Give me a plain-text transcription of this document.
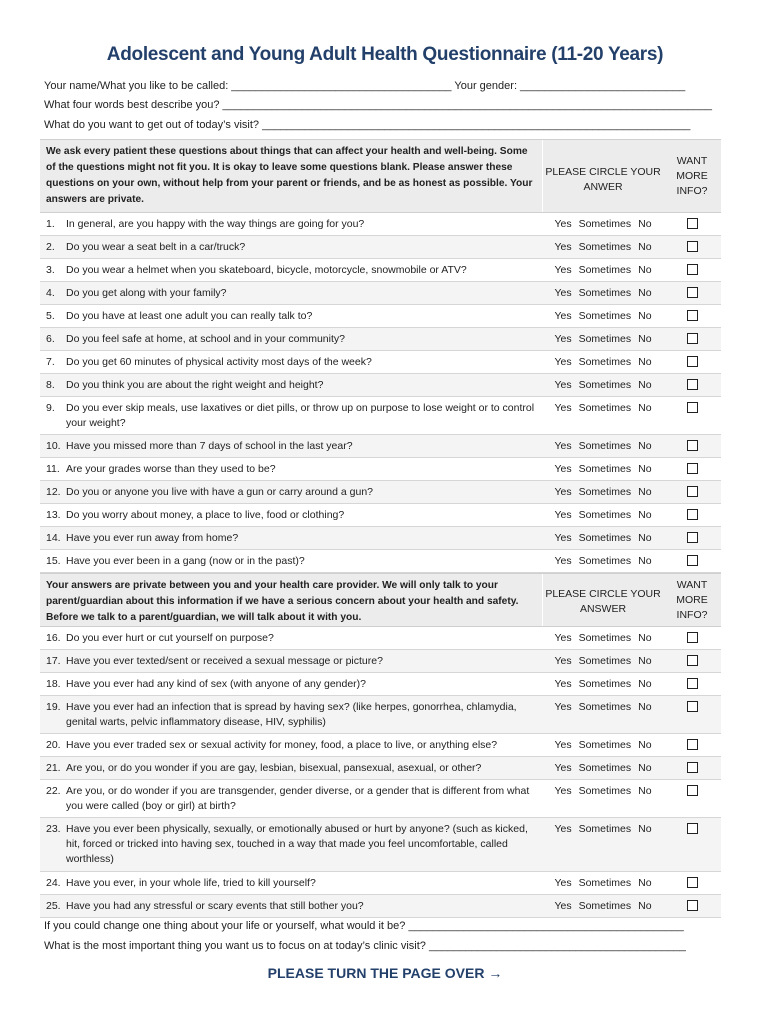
Adolescent and Young Adult Health Questionnaire (11-20 Years)
Your name/What you like to be called: ____________________________________ Your gender: ___________________________
What four words best describe you? ________________________________________________________________________________
What do you want to get out of today’s visit? ______________________________________________________________________
We ask every patient these questions about things that can affect your health and well-being. Some of the questions might not fit you. It is okay to leave some questions blank. Please answer these questions on your own, without help from your parent or friends, and be as honest as possible. Your answers are private.
PLEASE CIRCLE YOUR ANWER
WANT MORE INFO?
1.	In general, are you happy with the way things are going for you?	Yes Sometimes No
2.	Do you wear a seat belt in a car/truck?	Yes Sometimes No
3.	Do you wear a helmet when you skateboard, bicycle, motorcycle, snowmobile or ATV?	Yes Sometimes No
4.	Do you get along with your family?	Yes Sometimes No
5.	Do you have at least one adult you can really talk to?	Yes Sometimes No
6.	Do you feel safe at home, at school and in your community?	Yes Sometimes No
7.	Do you get 60 minutes of physical activity most days of the week?	Yes Sometimes No
8.	Do you think you are about the right weight and height?	Yes Sometimes No
9.	Do you ever skip meals, use laxatives or diet pills, or throw up on purpose to lose weight or to control your weight?
Yes Sometimes No
10. Have you missed more than 7 days of school in the last year?	Yes Sometimes No
11. Are your grades worse than they used to be?	Yes Sometimes No
12. Do you or anyone you live with have a gun or carry around a gun?	Yes Sometimes No
13. Do you worry about money, a place to live, food or clothing?	Yes Sometimes No
14. Have you ever run away from home?	Yes Sometimes No
15. Have you ever been in a gang (now or in the past)?	Yes Sometimes No
Your answers are private between you and your health care provider. We will only talk to your parent/guardian about this information if we have a serious concern about your health and safety. Before we talk to a parent/guardian, we will talk about it with you.
PLEASE CIRCLE YOUR ANSWER
WANT MORE INFO?
16. Do you ever hurt or cut yourself on purpose?	Yes Sometimes No
17. Have you ever texted/sent or received a sexual message or picture?	Yes Sometimes No
18. Have you ever had any kind of sex (with anyone of any gender)?	Yes Sometimes No
19. Have you ever had an infection that is spread by having sex? (like herpes, gonorrhea, chlamydia, genital warts, pelvic inflammatory disease, HIV, syphilis)
Yes Sometimes No
20. Have you ever traded sex or sexual activity for money, food, a place to live, or anything else?	Yes Sometimes No
21. Are you, or do you wonder if you are gay, lesbian, bisexual, pansexual, asexual, or other?	Yes Sometimes No
22. Are you, or do wonder if you are transgender, gender diverse, or a gender that is different from what you were called (boy or girl) at birth?
Yes Sometimes No
23. Have you ever been physically, sexually, or emotionally abused or hurt by anyone? (such as kicked, hit, forced or tricked into having sex, touched in a way that made you feel uncomfortable, called worthless)
Yes Sometimes No
24. Have you ever, in your whole life, tried to kill yourself?	Yes Sometimes No
25. Have you had any stressful or scary events that still bother you?	Yes Sometimes No
If you could change one thing about your life or yourself, what would it be? _____________________________________________
What is the most important thing you want us to focus on at today’s clinic visit? __________________________________________
PLEASE TURN THE PAGE OVER →
